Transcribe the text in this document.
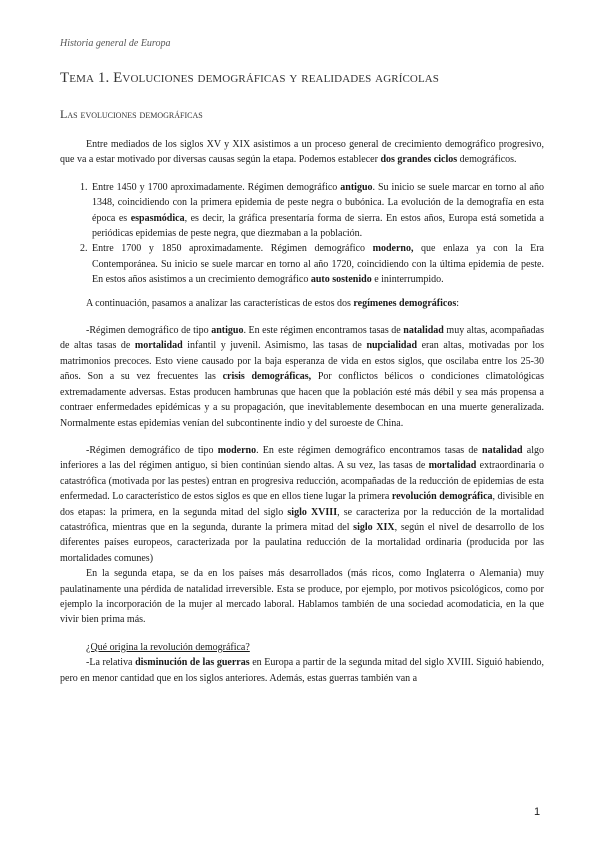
Historia general de Europa
Tema 1. Evoluciones demográficas y realidades agrícolas
Las evoluciones demográficas

Entre mediados de los siglos XV y XIX asistimos a un proceso general de crecimiento demográfico progresivo, que va a estar motivado por diversas causas según la etapa. Podemos establecer dos grandes ciclos demográficos.

1. Entre 1450 y 1700 aproximadamente. Régimen demográfico antiguo. Su inicio se suele marcar en torno al año 1348, coincidiendo con la primera epidemia de peste negra o bubónica. La evolución de la demografía en esta época es espasmódica, es decir, la gráfica presentaría forma de sierra. En estos años, Europa está sometida a periódicas epidemias de peste negra, que diezmaban a la población.
2. Entre 1700 y 1850 aproximadamente. Régimen demográfico moderno, que enlaza ya con la Era Contemporánea. Su inicio se suele marcar en torno al año 1720, coincidiendo con la última epidemia de peste. En estos años asistimos a un crecimiento demográfico auto sostenido e ininterrumpido.

A continuación, pasamos a analizar las características de estos dos regímenes demográficos:

-Régimen demográfico de tipo antiguo. En este régimen encontramos tasas de natalidad muy altas, acompañadas de altas tasas de mortalidad infantil y juvenil. Asimismo, las tasas de nupcialidad eran altas, motivadas por los matrimonios precoces. Esto viene causado por la baja esperanza de vida en estos siglos, que oscilaba entre los 25-30 años. Son a su vez frecuentes las crisis demográficas, Por conflictos bélicos o condiciones climatológicas extremadamente adversas. Estas producen hambrunas que hacen que la población esté más débil y sea más propensa a contraer enfermedades epidémicas y a su propagación, que inevitablemente desembocan en una muerte generalizada. Normalmente estas epidemias venían del subcontinente indio y del suroeste de China.

-Régimen demográfico de tipo moderno. En este régimen demográfico encontramos tasas de natalidad algo inferiores a las del régimen antiguo, si bien continúan siendo altas. A su vez, las tasas de mortalidad extraordinaria o catastrófica (motivada por las pestes) entran en progresiva reducción, acompañadas de la reducción de epidemias de esta enfermedad. Lo característico de estos siglos es que en ellos tiene lugar la primera revolución demográfica, divisible en dos etapas: la primera, en la segunda mitad del siglo siglo XVIII, se caracteriza por la reducción de la mortalidad catastrófica, mientras que en la segunda, durante la primera mitad del siglo XIX, según el nivel de desarrollo de los diferentes países europeos, caracterizada por la paulatina reducción de la mortalidad ordinaria (producida por las mortalidades comunes)

En la segunda etapa, se da en los países más desarrollados (más ricos, como Inglaterra o Alemania) muy paulatinamente una pérdida de natalidad irreversible. Esta se produce, por ejemplo, por motivos psicológicos, como por ejemplo la incorporación de la mujer al mercado laboral. Hablamos también de una sociedad acomodaticia, en la que vivir bien prima más.

¿Qué origina la revolución demográfica?

-La relativa disminución de las guerras en Europa a partir de la segunda mitad del siglo XVIII. Siguió habiendo, pero en menor cantidad que en los siglos anteriores. Además, estas guerras también van a

1
